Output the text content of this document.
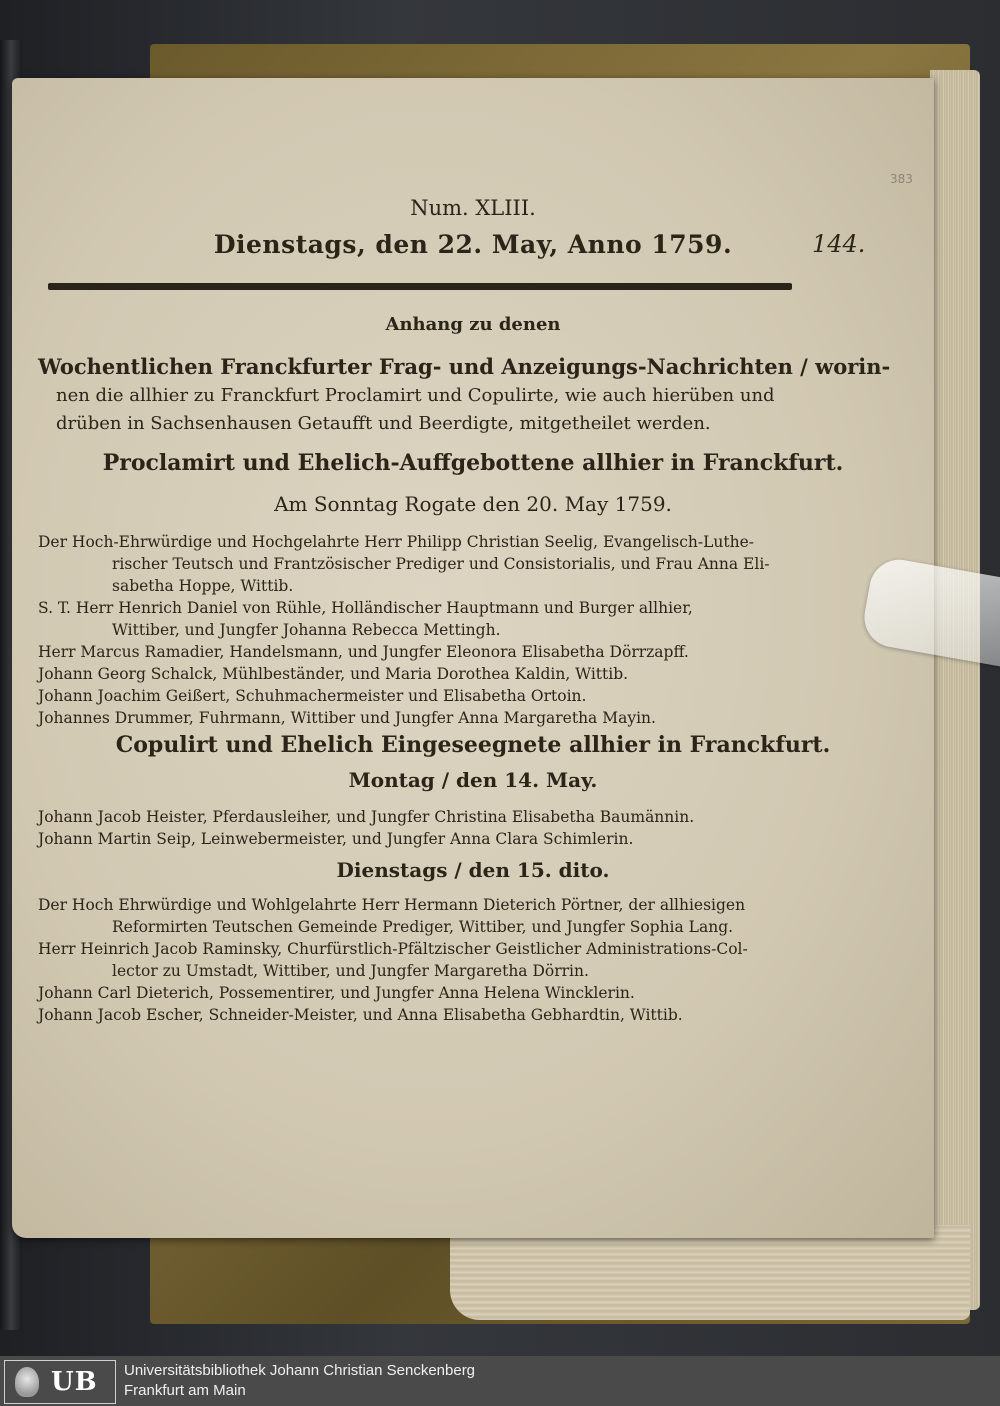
383
Num. XLIII.
Dienstags, den 22. May, Anno 1759.	144.
Anhang zu denen
Wochentlichen Franckfurter Frag- und Anzeigungs-Nachrichten / worin-
nen die allhier zu Franckfurt Proclamirt und Copulirte, wie auch hierüben und
drüben in Sachsenhausen Getaufft und Beerdigte, mitgetheilet werden.
Proclamirt und Ehelich-Auffgebottene allhier in Franckfurt.
Am Sonntag Rogate den 20. May 1759.
Der Hoch-Ehrwürdige und Hochgelahrte Herr Philipp Christian Seelig, Evangelisch-Luthe-
rischer Teutsch und Frantzösischer Prediger und Consistorialis, und Frau Anna Eli-
sabetha Hoppe, Wittib.
S. T. Herr Henrich Daniel von Rühle, Holländischer Hauptmann und Burger allhier,
Wittiber, und Jungfer Johanna Rebecca Mettingh.
Herr Marcus Ramadier, Handelsmann, und Jungfer Eleonora Elisabetha Dörrzapff.
Johann Georg Schalck, Mühlbeständer, und Maria Dorothea Kaldin, Wittib.
Johann Joachim Geißert, Schuhmachermeister und Elisabetha Ortoin.
Johannes Drummer, Fuhrmann, Wittiber und Jungfer Anna Margaretha Mayin.
Copulirt und Ehelich Eingeseegnete allhier in Franckfurt.
Montag / den 14. May.
Johann Jacob Heister, Pferdausleiher, und Jungfer Christina Elisabetha Baumännin.
Johann Martin Seip, Leinwebermeister, und Jungfer Anna Clara Schimlerin.
Dienstags / den 15. dito.
Der Hoch Ehrwürdige und Wohlgelahrte Herr Hermann Dieterich Pörtner, der allhiesigen
Reformirten Teutschen Gemeinde Prediger, Wittiber, und Jungfer Sophia Lang.
Herr Heinrich Jacob Raminsky, Churfürstlich-Pfältzischer Geistlicher Administrations-Col-
lector zu Umstadt, Wittiber, und Jungfer Margaretha Dörrin.
Johann Carl Dieterich, Possementirer, und Jungfer Anna Helena Wincklerin.
Johann Jacob Escher, Schneider-Meister, und Anna Elisabetha Gebhardtin, Wittib.
UB Universitätsbibliothek Johann Christian Senckenberg
Frankfurt am Main
